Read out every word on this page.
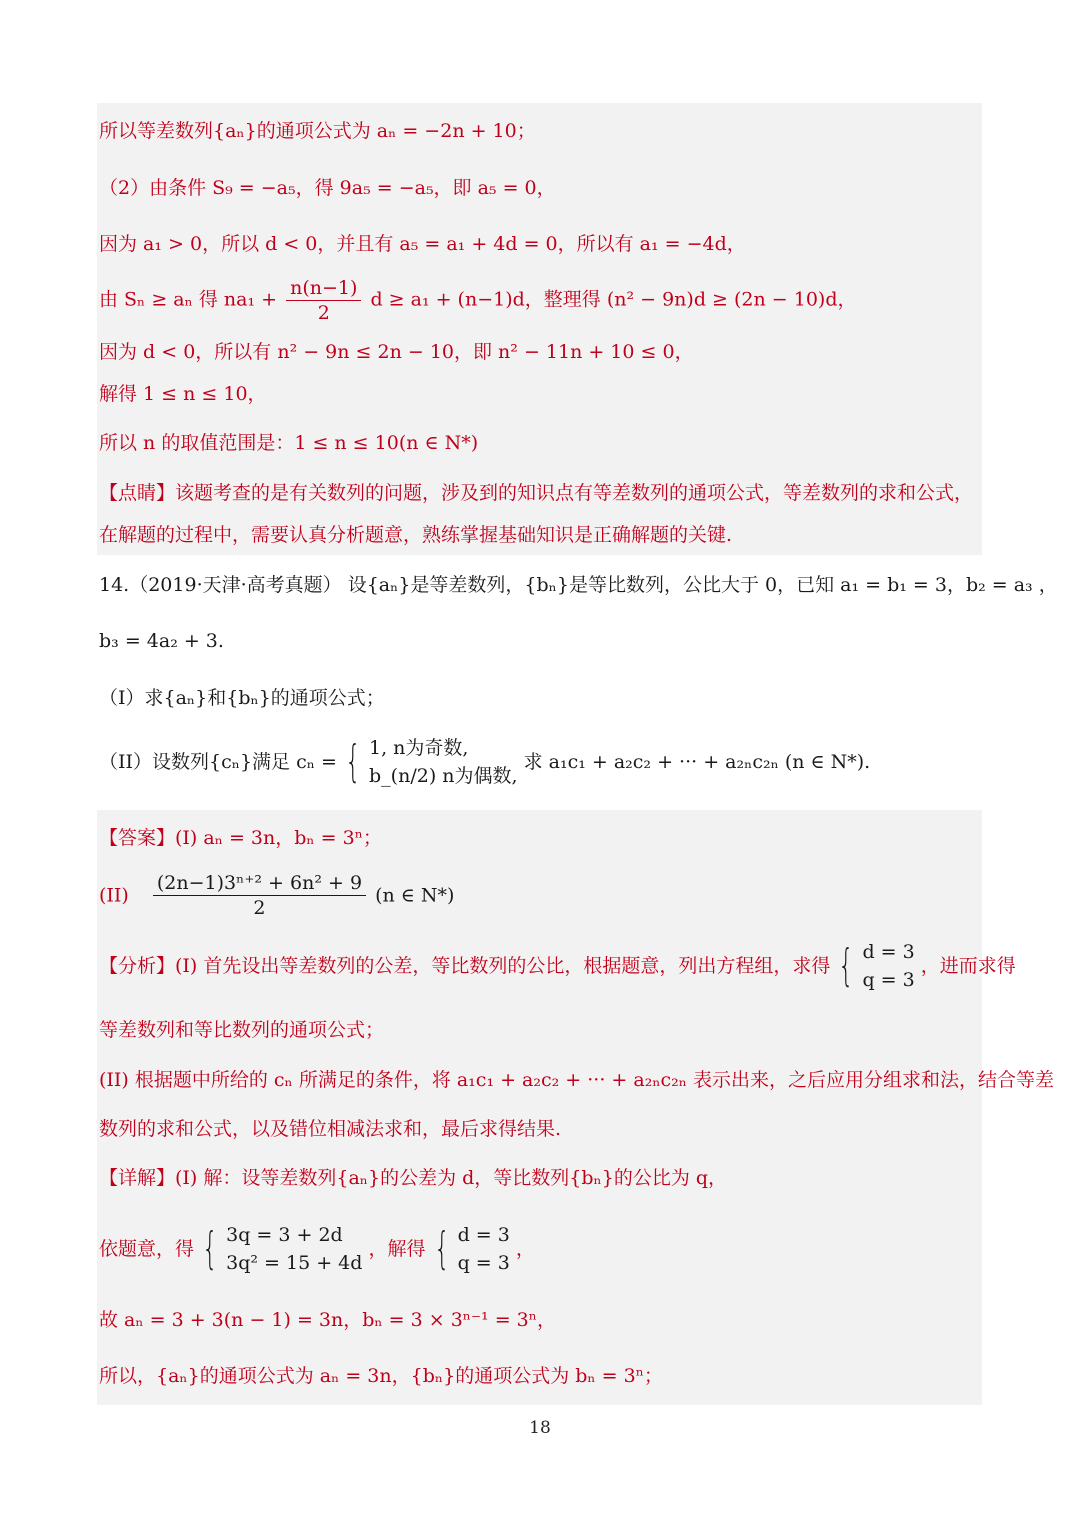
所以等差数列{aₙ}的通项公式为 aₙ = −2n + 10；
（2）由条件 S₉ = −a₅，得 9a₅ = −a₅，即 a₅ = 0，
因为 a₁ > 0，所以 d < 0，并且有 a₅ = a₁ + 4d = 0，所以有 a₁ = −4d，
由 Sₙ ≥ aₙ 得 $na_1 + \frac{n(n-1)}{2}$ d ≥ a₁ + (n−1)d，整理得 (n² − 9n)d ≥ (2n − 10)d，
因为 d < 0，所以有 n² − 9n ≤ 2n − 10，即 n² − 11n + 10 ≤ 0，
解得 1 ≤ n ≤ 10，
所以 n 的取值范围是：1 ≤ n ≤ 10(n ∈ N*)
【点睛】该题考查的是有关数列的问题，涉及到的知识点有等差数列的通项公式，等差数列的求和公式，
在解题的过程中，需要认真分析题意，熟练掌握基础知识是正确解题的关键.
14.（2019·天津·高考真题） 设{aₙ}是等差数列，{bₙ}是等比数列，公比大于 0，已知 a₁ = b₁ = 3，b₂ = a₃ ，
b₃ = 4a₂ + 3.
（I）求{aₙ}和{bₙ}的通项公式；
（II）设数列{cₙ}满足 cₙ = { 1, n为奇数,
b_(n/2) n为偶数,
求 a₁c₁ + a₂c₂ + ··· + a₂ₙc₂ₙ (n ∈ N*).
【答案】(I) aₙ = 3n，bₙ = 3ⁿ；
$(II) \frac{\text{(2n−1)3ⁿ⁺² + 6n² + 9}}{2} (n$ ∈ N*)
【分析】(I) 首先设出等差数列的公差，等比数列的公比，根据题意，列出方程组，求得 { d = 3
q = 3
，进而求得
等差数列和等比数列的通项公式；
(II) 根据题中所给的 cₙ 所满足的条件，将 a₁c₁ + a₂c₂ + ··· + a₂ₙc₂ₙ 表示出来，之后应用分组求和法，结合等差
数列的求和公式，以及错位相减法求和，最后求得结果.
【详解】(I) 解：设等差数列{aₙ}的公差为 d，等比数列{bₙ}的公比为 q，
依题意，得 { 3q = 3 + 2d
3q² = 15 + 4d
，解得 { d = 3
q = 3
，
故 aₙ = 3 + 3(n − 1) = 3n，bₙ = 3 × 3ⁿ⁻¹ = 3ⁿ，
所以，{aₙ}的通项公式为 aₙ = 3n，{bₙ}的通项公式为 bₙ = 3ⁿ；
18
